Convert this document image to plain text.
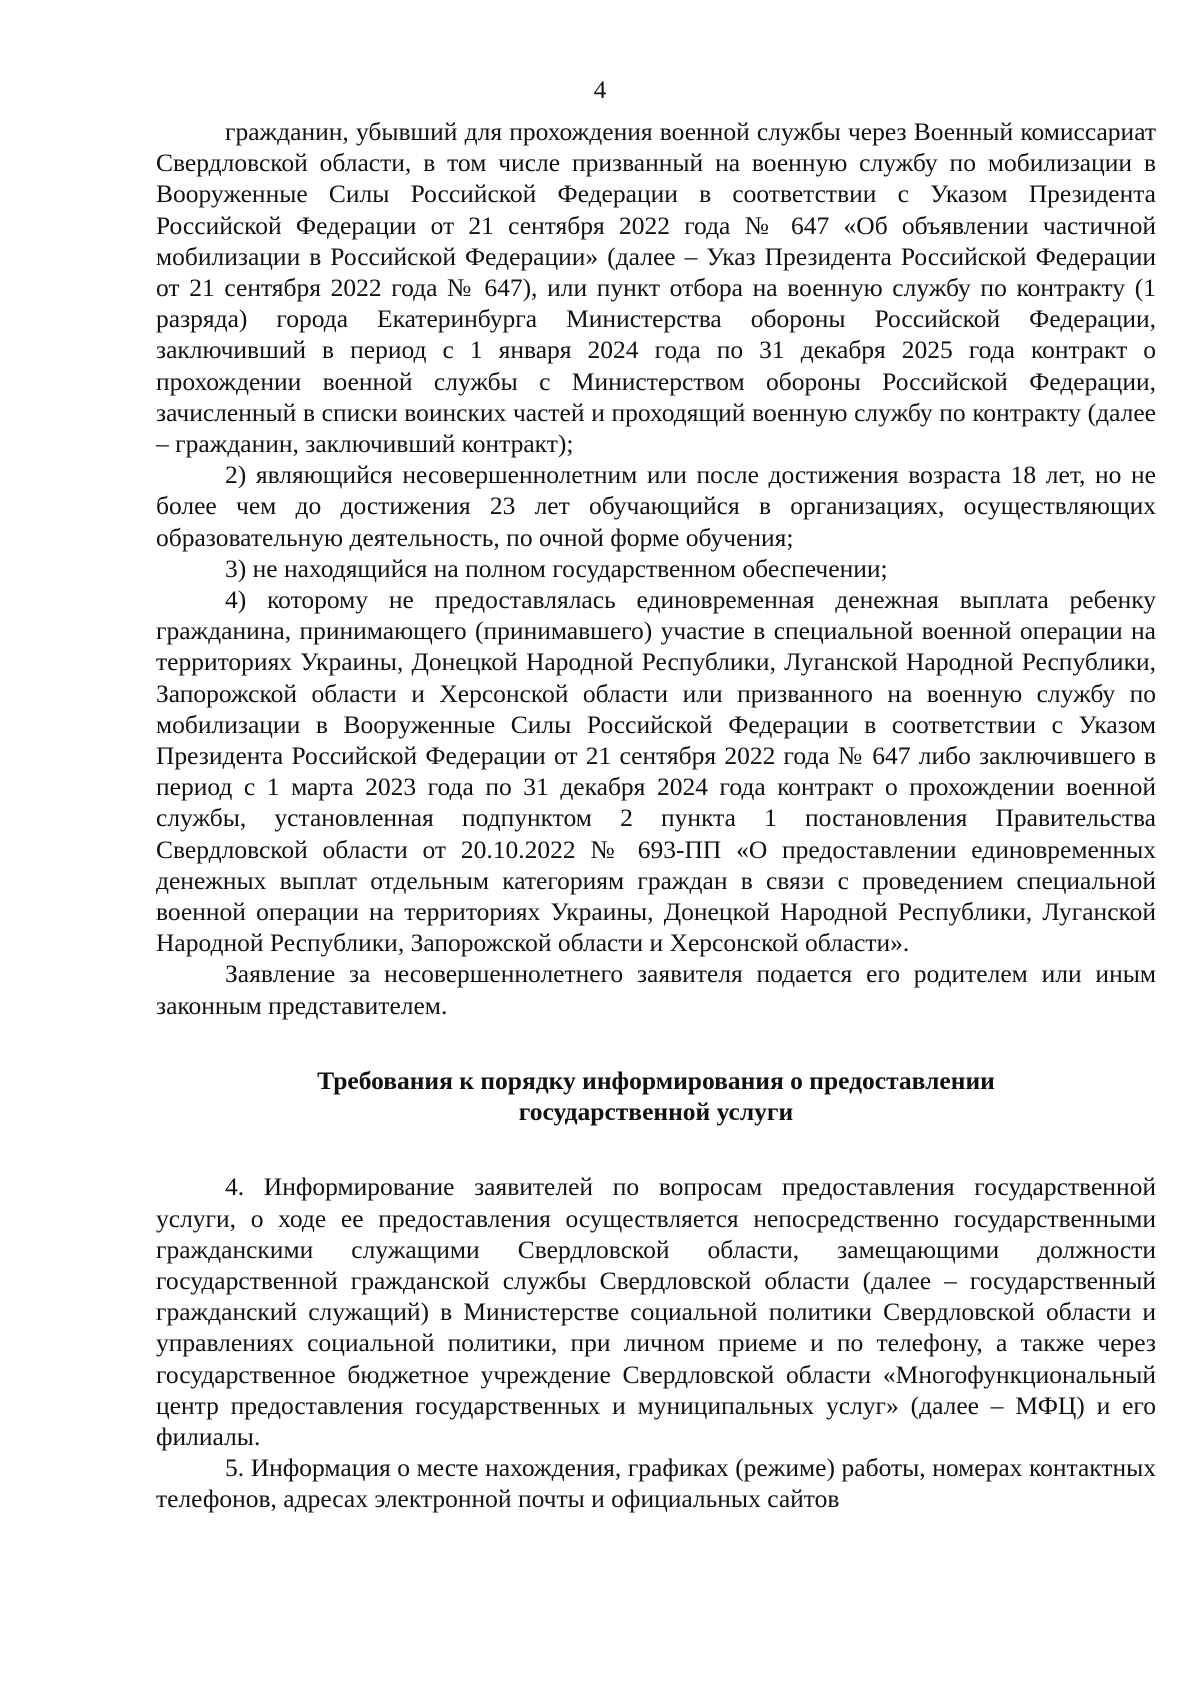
4

гражданин, убывший для прохождения военной службы через Военный комиссариат Свердловской области, в том числе призванный на военную службу по мобилизации в Вооруженные Силы Российской Федерации в соответствии с Указом Президента Российской Федерации от 21 сентября 2022 года № 647 «Об объявлении частичной мобилизации в Российской Федерации» (далее – Указ Президента Российской Федерации от 21 сентября 2022 года № 647), или пункт отбора на военную службу по контракту (1 разряда) города Екатеринбурга Министерства обороны Российской Федерации, заключивший в период с 1 января 2024 года по 31 декабря 2025 года контракт о прохождении военной службы с Министерством обороны Российской Федерации, зачисленный в списки воинских частей и проходящий военную службу по контракту (далее – гражданин, заключивший контракт);

2) являющийся несовершеннолетним или после достижения возраста 18 лет, но не более чем до достижения 23 лет обучающийся в организациях, осуществляющих образовательную деятельность, по очной форме обучения;

3) не находящийся на полном государственном обеспечении;

4) которому не предоставлялась единовременная денежная выплата ребенку гражданина, принимающего (принимавшего) участие в специальной военной операции на территориях Украины, Донецкой Народной Республики, Луганской Народной Республики, Запорожской области и Херсонской области или призванного на военную службу по мобилизации в Вооруженные Силы Российской Федерации в соответствии с Указом Президента Российской Федерации от 21 сентября 2022 года № 647 либо заключившего в период с 1 марта 2023 года по 31 декабря 2024 года контракт о прохождении военной службы, установленная подпунктом 2 пункта 1 постановления Правительства Свердловской области от 20.10.2022 № 693-ПП «О предоставлении единовременных денежных выплат отдельным категориям граждан в связи с проведением специальной военной операции на территориях Украины, Донецкой Народной Республики, Луганской Народной Республики, Запорожской области и Херсонской области».

Заявление за несовершеннолетнего заявителя подается его родителем или иным законным представителем.

Требования к порядку информирования о предоставлении
государственной услуги

4. Информирование заявителей по вопросам предоставления государственной услуги, о ходе ее предоставления осуществляется непосредственно государственными гражданскими служащими Свердловской области, замещающими должности государственной гражданской службы Свердловской области (далее – государственный гражданский служащий) в Министерстве социальной политики Свердловской области и управлениях социальной политики, при личном приеме и по телефону, а также через государственное бюджетное учреждение Свердловской области «Многофункциональный центр предоставления государственных и муниципальных услуг» (далее – МФЦ) и его филиалы.

5. Информация о месте нахождения, графиках (режиме) работы, номерах контактных телефонов, адресах электронной почты и официальных сайтов
